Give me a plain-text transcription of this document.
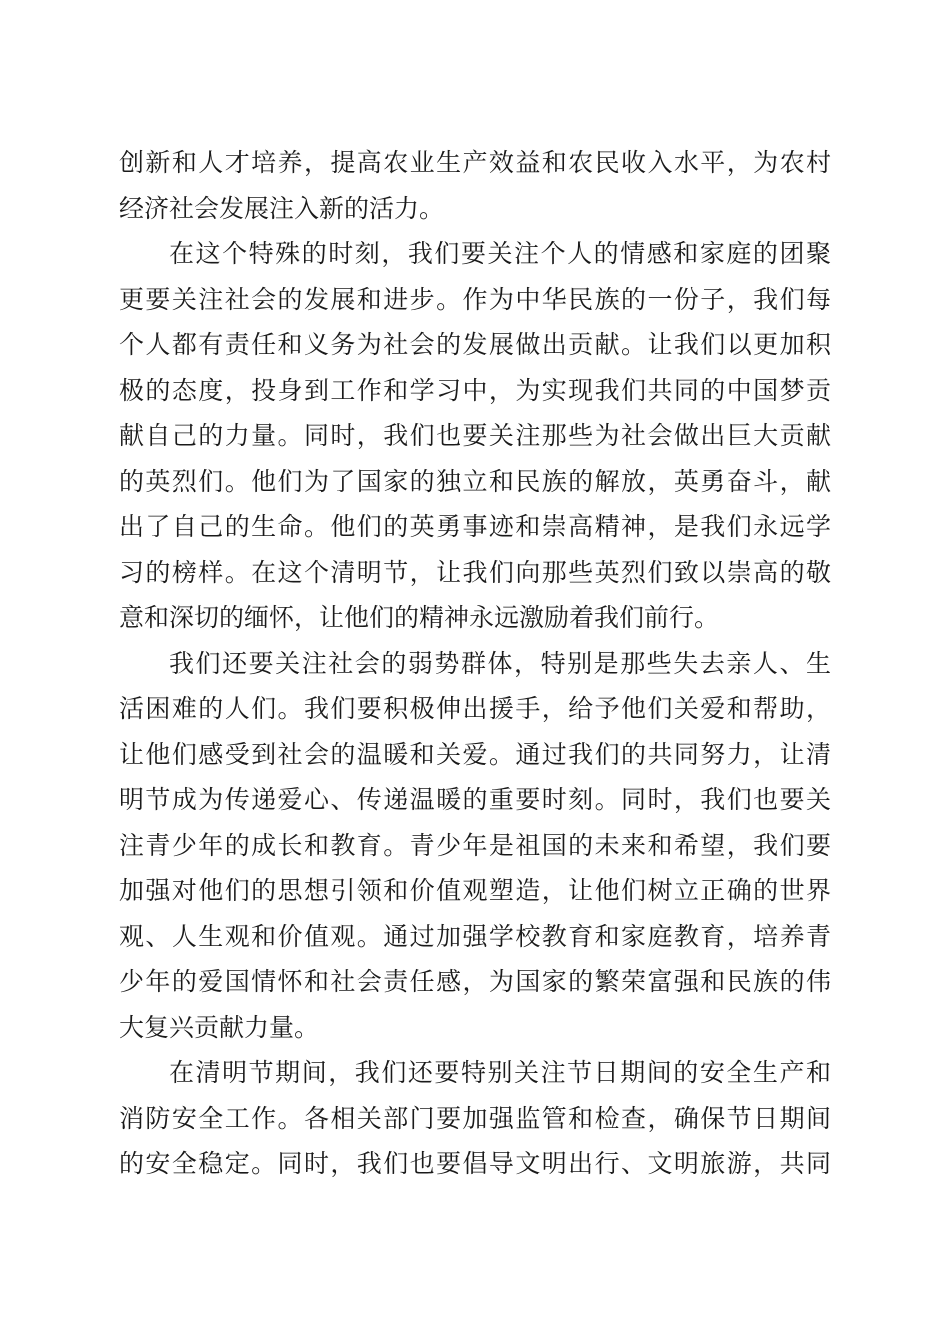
创新和人才培养，提高农业生产效益和农民收入水平，为农村
经济社会发展注入新的活力。
在这个特殊的时刻，我们要关注个人的情感和家庭的团聚
更要关注社会的发展和进步。作为中华民族的一份子，我们每
个人都有责任和义务为社会的发展做出贡献。让我们以更加积
极的态度，投身到工作和学习中，为实现我们共同的中国梦贡
献自己的力量。同时，我们也要关注那些为社会做出巨大贡献
的英烈们。他们为了国家的独立和民族的解放，英勇奋斗，献
出了自己的生命。他们的英勇事迹和崇高精神，是我们永远学
习的榜样。在这个清明节，让我们向那些英烈们致以崇高的敬
意和深切的缅怀，让他们的精神永远激励着我们前行。
我们还要关注社会的弱势群体，特别是那些失去亲人、生
活困难的人们。我们要积极伸出援手，给予他们关爱和帮助，
让他们感受到社会的温暖和关爱。通过我们的共同努力，让清
明节成为传递爱心、传递温暖的重要时刻。同时，我们也要关
注青少年的成长和教育。青少年是祖国的未来和希望，我们要
加强对他们的思想引领和价值观塑造，让他们树立正确的世界
观、人生观和价值观。通过加强学校教育和家庭教育，培养青
少年的爱国情怀和社会责任感，为国家的繁荣富强和民族的伟
大复兴贡献力量。
在清明节期间，我们还要特别关注节日期间的安全生产和
消防安全工作。各相关部门要加强监管和检查，确保节日期间
的安全稳定。同时，我们也要倡导文明出行、文明旅游，共同
